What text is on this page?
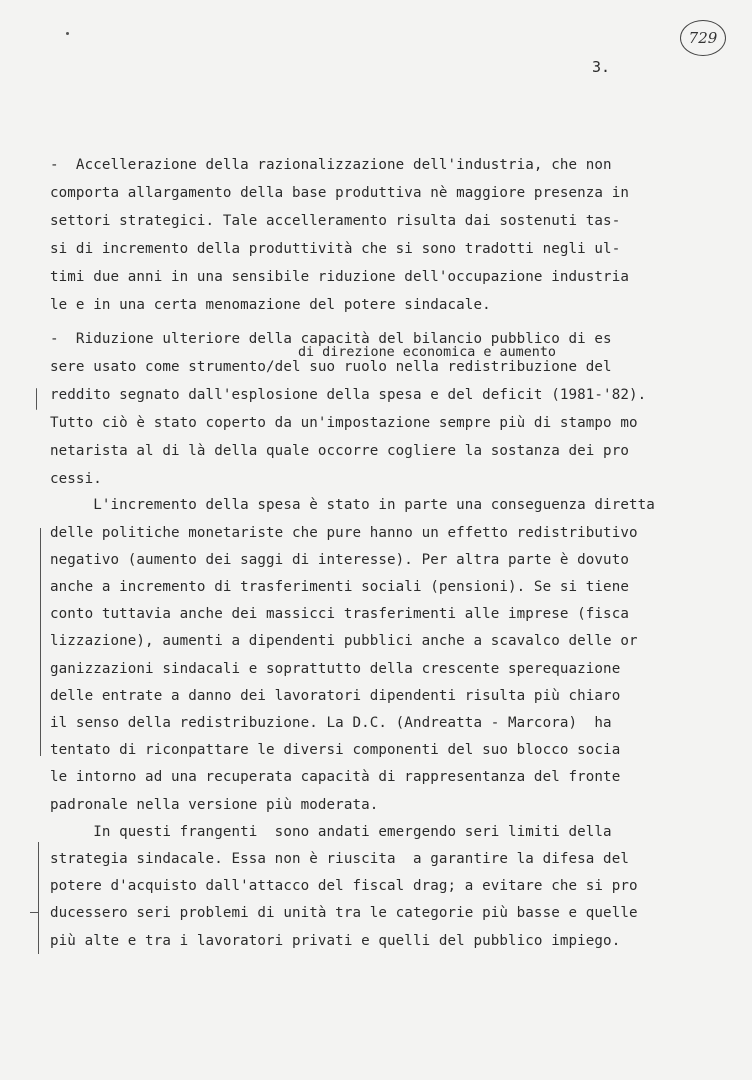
729
3.
-  Accellerazione della razionalizzazione dell'industria, che non
comporta allargamento della base produttiva nè maggiore presenza in
settori strategici. Tale accelleramento risulta dai sostenuti tas-
si di incremento della produttività che si sono tradotti negli ul-
timi due anni in una sensibile riduzione dell'occupazione industria
le e in una certa menomazione del potere sindacale.
-  Riduzione ulteriore della capacità del bilancio pubblico di es
di direzione economica e aumento
sere usato come strumento/del suo ruolo nella redistribuzione del
reddito segnato dall'esplosione della spesa e del deficit (1981-'82).
Tutto ciò è stato coperto da un'impostazione sempre più di stampo mo
netarista al di là della quale occorre cogliere la sostanza dei pro
cessi.
L'incremento della spesa è stato in parte una conseguenza diretta
delle politiche monetariste che pure hanno un effetto redistributivo
negativo (aumento dei saggi di interesse). Per altra parte è dovuto
anche a incremento di trasferimenti sociali (pensioni). Se si tiene
conto tuttavia anche dei massicci trasferimenti alle imprese (fisca
lizzazione), aumenti a dipendenti pubblici anche a scavalco delle or
ganizzazioni sindacali e soprattutto della crescente sperequazione
delle entrate a danno dei lavoratori dipendenti risulta più chiaro
il senso della redistribuzione. La D.C. (Andreatta - Marcora)  ha
tentato di riconpattare le diversi componenti del suo blocco socia
le intorno ad una recuperata capacità di rappresentanza del fronte
padronale nella versione più moderata.
In questi frangenti  sono andati emergendo seri limiti della
strategia sindacale. Essa non è riuscita  a garantire la difesa del
potere d'acquisto dall'attacco del fiscal drag; a evitare che si pro
ducessero seri problemi di unità tra le categorie più basse e quelle
più alte e tra i lavoratori privati e quelli del pubblico impiego.
